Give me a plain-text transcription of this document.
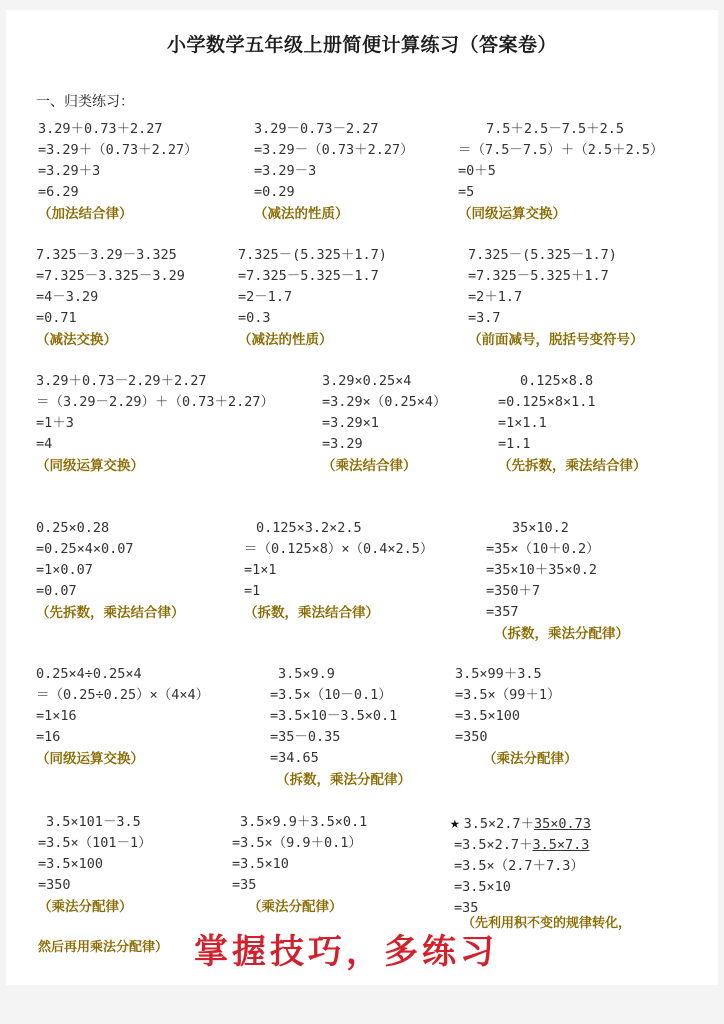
小学数学五年级上册简便计算练习（答案卷）
一、归类练习：
3.29＋0.73＋2.27
=3.29＋（0.73＋2.27）
=3.29＋3
=6.29
（加法结合律）
3.29－0.73－2.27
=3.29－（0.73＋2.27）
=3.29－3
=0.29
（减法的性质）
7.5＋2.5－7.5＋2.5
＝（7.5－7.5）＋（2.5＋2.5）
=0＋5
=5
（同级运算交换）
7.325－3.29－3.325
=7.325－3.325－3.29
=4－3.29
=0.71
（减法交换）
7.325－(5.325＋1.7)
=7.325－5.325－1.7
=2－1.7
=0.3
（减法的性质）
7.325－(5.325－1.7)
=7.325－5.325＋1.7
=2＋1.7
=3.7
（前面减号，脱括号变符号）
3.29＋0.73－2.29＋2.27
＝（3.29－2.29）＋（0.73＋2.27）
=1＋3
=4
（同级运算交换）
3.29×0.25×4
=3.29×（0.25×4）
=3.29×1
=3.29
（乘法结合律）
0.125×8.8
=0.125×8×1.1
=1×1.1
=1.1
（先拆数，乘法结合律）
0.25×0.28
=0.25×4×0.07
=1×0.07
=0.07
（先拆数，乘法结合律）
0.125×3.2×2.5
＝（0.125×8）×（0.4×2.5）
=1×1
=1
（拆数，乘法结合律）
35×10.2
=35×（10＋0.2）
=35×10＋35×0.2
=350＋7
=357
（拆数，乘法分配律）
0.25×4÷0.25×4
＝（0.25÷0.25）×（4×4）
=1×16
=16
（同级运算交换）
3.5×9.9
=3.5×（10－0.1）
=3.5×10－3.5×0.1
=35－0.35
=34.65
（拆数，乘法分配律）
3.5×99＋3.5
=3.5×（99＋1）
=3.5×100
=350
（乘法分配律）
3.5×101－3.5
=3.5×（101－1）
=3.5×100
=350
（乘法分配律）
3.5×9.9＋3.5×0.1
=3.5×（9.9＋0.1）
=3.5×10
=35
（乘法分配律）
★ 3.5×2.7＋35×0.73
=3.5×2.7＋3.5×7.3
=3.5×（2.7＋7.3）
=3.5×10
=35
（先利用积不变的规律转化，
然后再用乘法分配律） 掌握技巧，多练习
